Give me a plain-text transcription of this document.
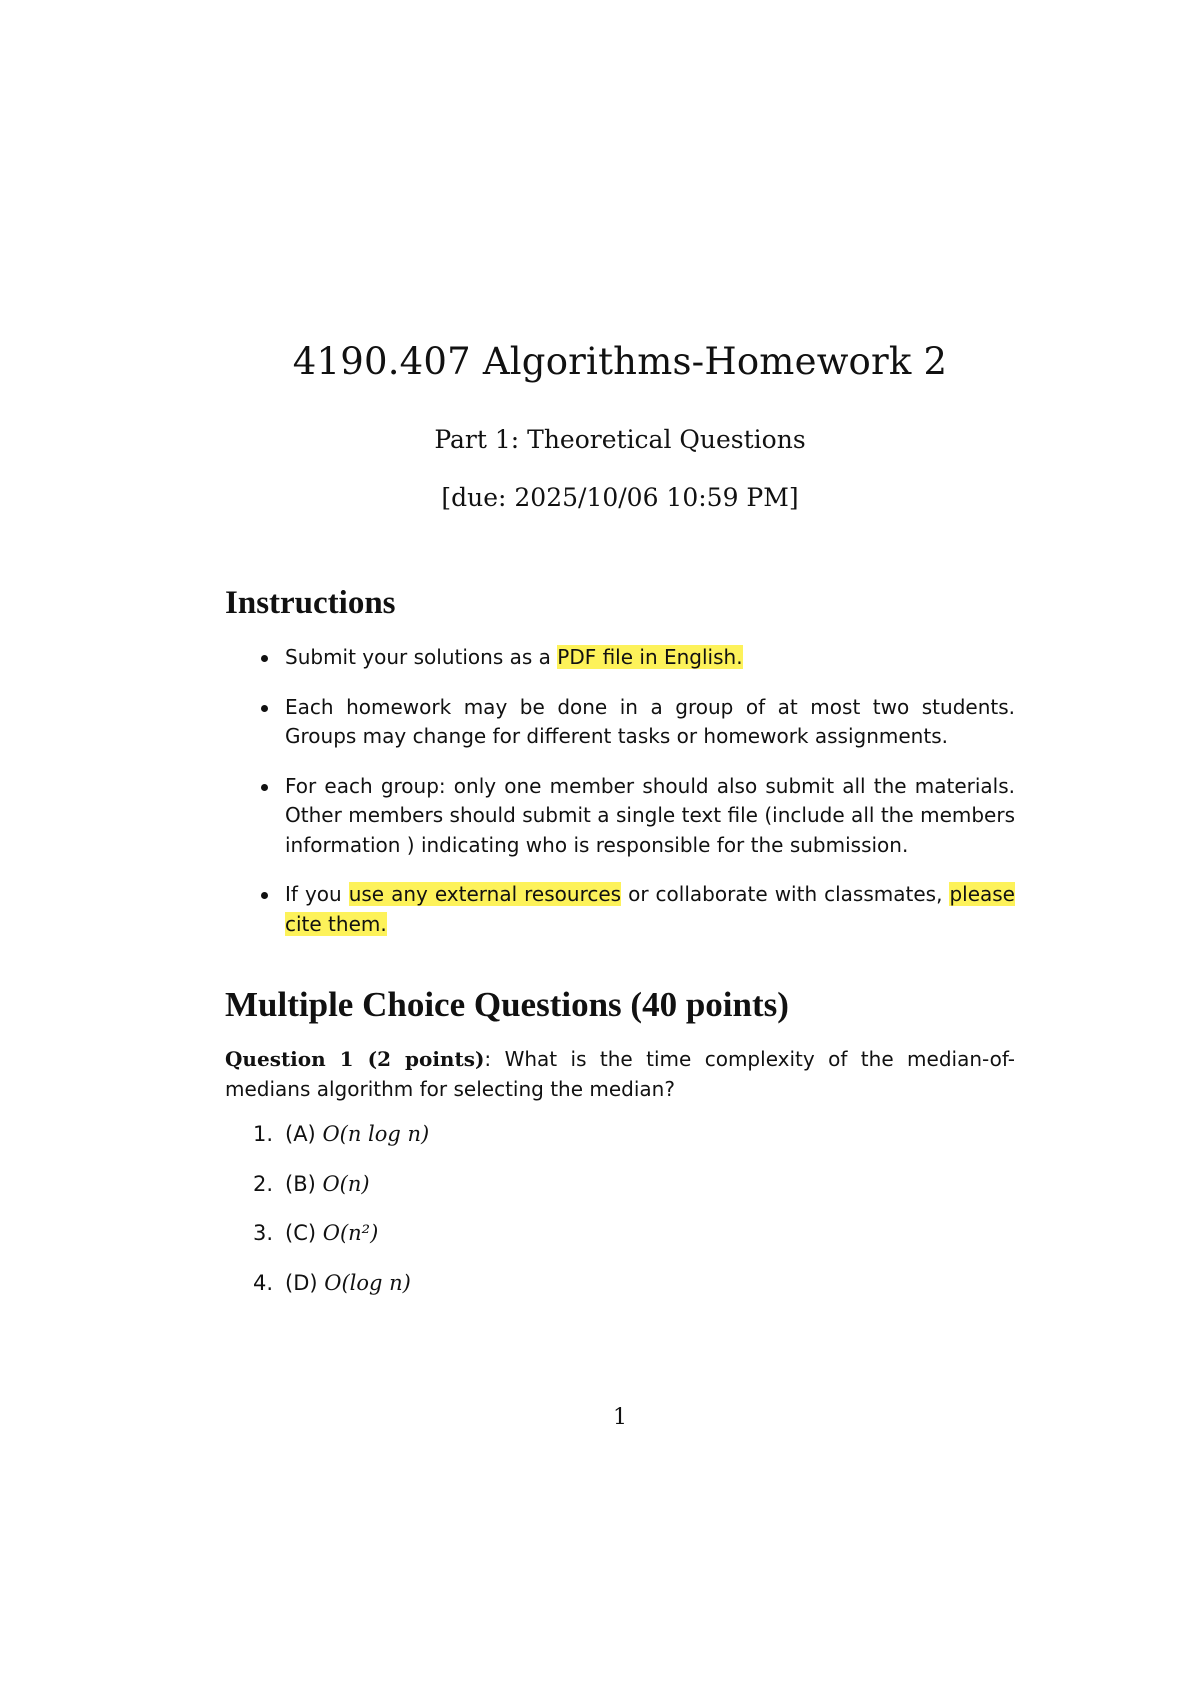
4190.407 Algorithms-Homework 2
Part 1: Theoretical Questions
[due: 2025/10/06 10:59 PM]
Instructions
Submit your solutions as a PDF file in English.
Each homework may be done in a group of at most two students. Groups may change for different tasks or homework assignments.
For each group: only one member should also submit all the materials. Other members should submit a single text file (include all the members information ) indicating who is responsible for the submission.
If you use any external resources or collaborate with classmates, please cite them.
Multiple Choice Questions (40 points)
Question 1 (2 points): What is the time complexity of the median-of-medians algorithm for selecting the median?
1. (A) O(n log n)
2. (B) O(n)
3. (C) O(n²)
4. (D) O(log n)
1
